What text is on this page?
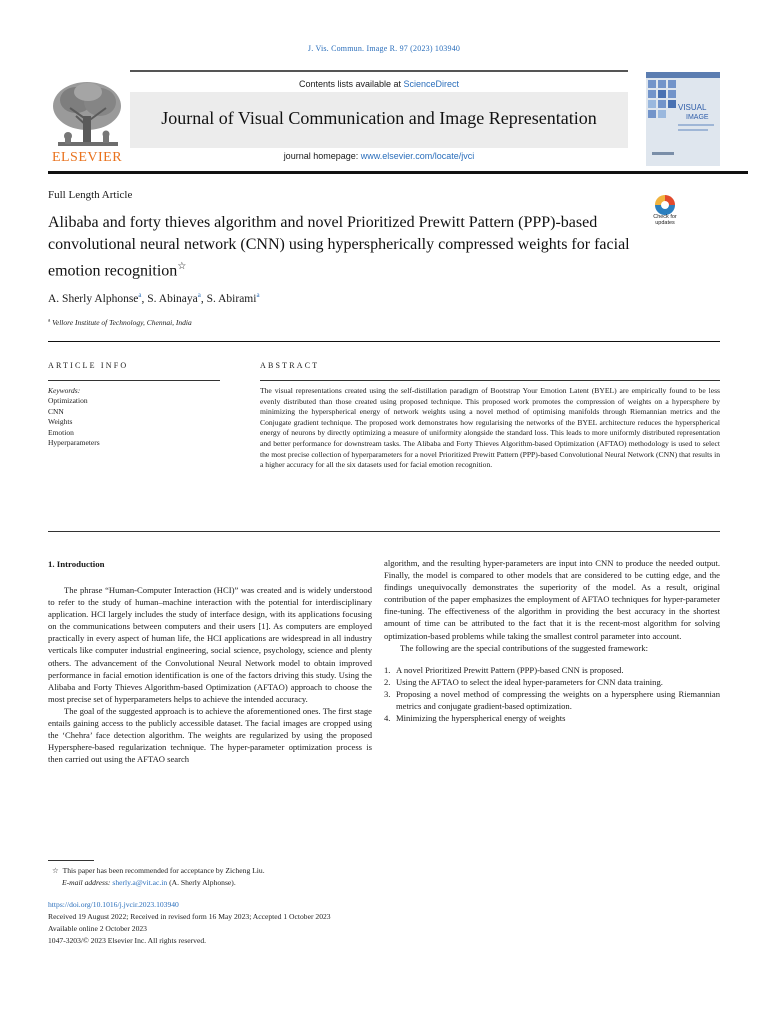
J. Vis. Commun. Image R. 97 (2023) 103940
Contents lists available at ScienceDirect
Journal of Visual Communication and Image Representation
journal homepage: www.elsevier.com/locate/jvci
ELSEVIER
VISUAL
IMAGE
Full Length Article
Alibaba and forty thieves algorithm and novel Prioritized Prewitt Pattern (PPP)-based convolutional neural network (CNN) using hyperspherically compressed weights for facial emotion recognition☆
Check for updates
A. Sherly Alphonse$^a$, S. Abinaya$^a$, S. Abirami$^a$
$^a$ Vellore Institute of Technology, Chennai, India
ARTICLE INFO
Keywords:
Optimization
CNN
Weights
Emotion
Hyperparameters
ABSTRACT
The visual representations created using the self-distillation paradigm of Bootstrap Your Emotion Latent (BYEL) are empirically found to be less evenly distributed than those created using proposed technique. This proposed work promotes the compression of weights on a hypersphere by minimizing the hyperspherical energy of network weights using a novel method of optimising manifolds through Riemannian metrics and the Conjugate gradient technique. The proposed work demonstrates how regularising the networks of the BYEL architecture reduces the hyperspherical energy of neurons by directly optimizing a measure of uniformity alongside the standard loss. This leads to more uniformly distributed representation and better performance for downstream tasks. The Alibaba and Forty Thieves Algorithm-based Optimization (AFTAO) methodology is used to select the most precise collection of hyperparameters for a novel Prioritized Prewitt Pattern (PPP)-based Convolutional Neural Network (CNN) that results in a higher accuracy for all the six datasets used for facial emotion recognition.
1. Introduction

The phrase “Human-Computer Interaction (HCI)” was created and is widely understood to refer to the study of human–machine interaction with the potential for interdisciplinary application. HCI largely includes the study of interface design, with its applications focusing on the communications between computers and their users [1]. As computers are employed practically in every aspect of human life, the HCI applications are widespread in all industry verticals like computer industrial engineering, social science, psychology, science and plenty others. The advancement of the Convolutional Neural Network model to obtain improved performance in facial emotion identification is one of the factors driving this study. Using the Alibaba and Forty Thieves Algorithm-based Optimization (AFTAO) approach to choose the most precise set of hyperparameters helps to achieve the intended accuracy.

The goal of the suggested approach is to achieve the aforementioned ones. The first stage entails gaining access to the publicly accessible dataset. The facial images are cropped using the ‘Chehra’ face detection algorithm. The weights are regularized by using the proposed Hypersphere-based regularization technique. The hyper-parameter optimization process is then carried out using the AFTAO search

algorithm, and the resulting hyper-parameters are input into CNN to produce the needed output. Finally, the model is compared to other models that are considered to be cutting edge, and the findings unequivocally demonstrates the superiority of the model. As a result, original contribution of the paper emphasizes the employment of AFTAO techniques for hyper-parameter fine-tuning. The effectiveness of the algorithm in providing the best accuracy in the shortest amount of time can be attributed to the fact that it is the recent-most algorithm for solving optimization-based problems while taking the smallest control parameter into account.

The following are the special contributions of the suggested framework:

1. A novel Prioritized Prewitt Pattern (PPP)-based CNN is proposed.
2. Using the AFTAO to select the ideal hyper-parameters for CNN data training.
3. Proposing a novel method of compressing the weights on a hypersphere using Riemannian metrics and conjugate gradient-based optimization.
4. Minimizing the hyperspherical energy of weights
☆ This paper has been recommended for acceptance by Zicheng Liu.
E-mail address: sherly.a@vit.ac.in (A. Sherly Alphonse).
https://doi.org/10.1016/j.jvcir.2023.103940
Received 19 August 2022; Received in revised form 16 May 2023; Accepted 1 October 2023
Available online 2 October 2023
1047-3203/© 2023 Elsevier Inc. All rights reserved.
